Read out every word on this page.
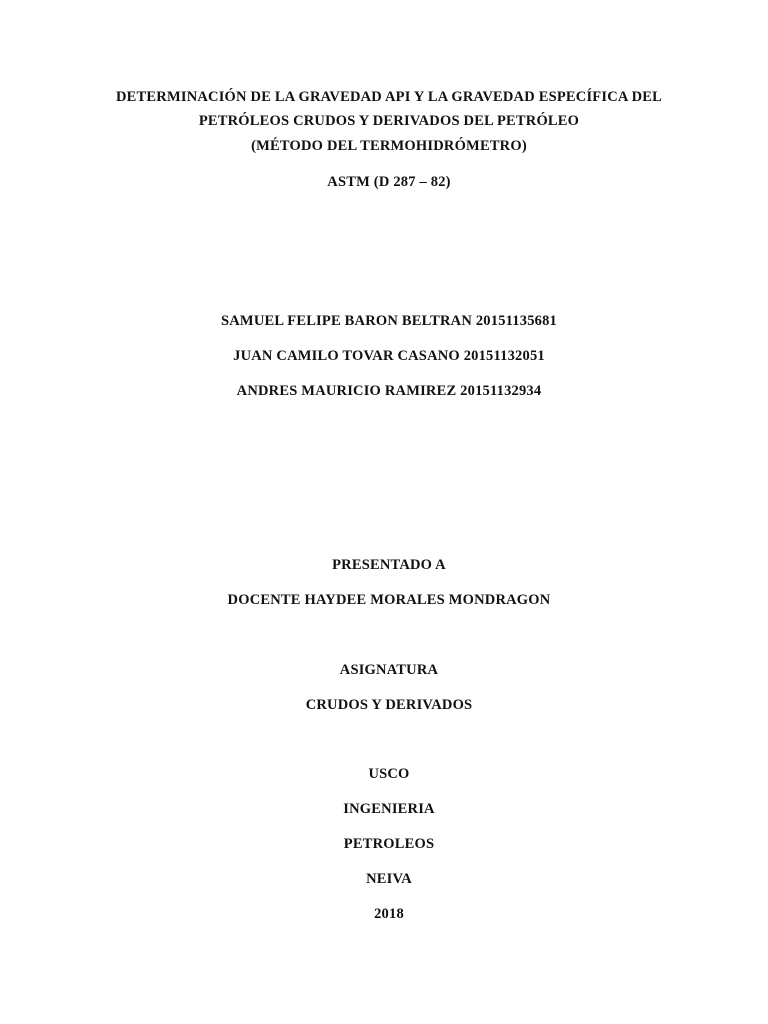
DETERMINACIÓN DE LA GRAVEDAD API Y LA GRAVEDAD ESPECÍFICA DEL
PETRÓLEOS CRUDOS Y DERIVADOS DEL PETRÓLEO
(MÉTODO DEL TERMOHIDRÓMETRO)
ASTM (D 287 – 82)
SAMUEL FELIPE BARON BELTRAN 20151135681
JUAN CAMILO TOVAR CASANO 20151132051
ANDRES MAURICIO RAMIREZ 20151132934
PRESENTADO A
DOCENTE HAYDEE MORALES MONDRAGON
ASIGNATURA
CRUDOS Y DERIVADOS
USCO
INGENIERIA
PETROLEOS
NEIVA
2018
